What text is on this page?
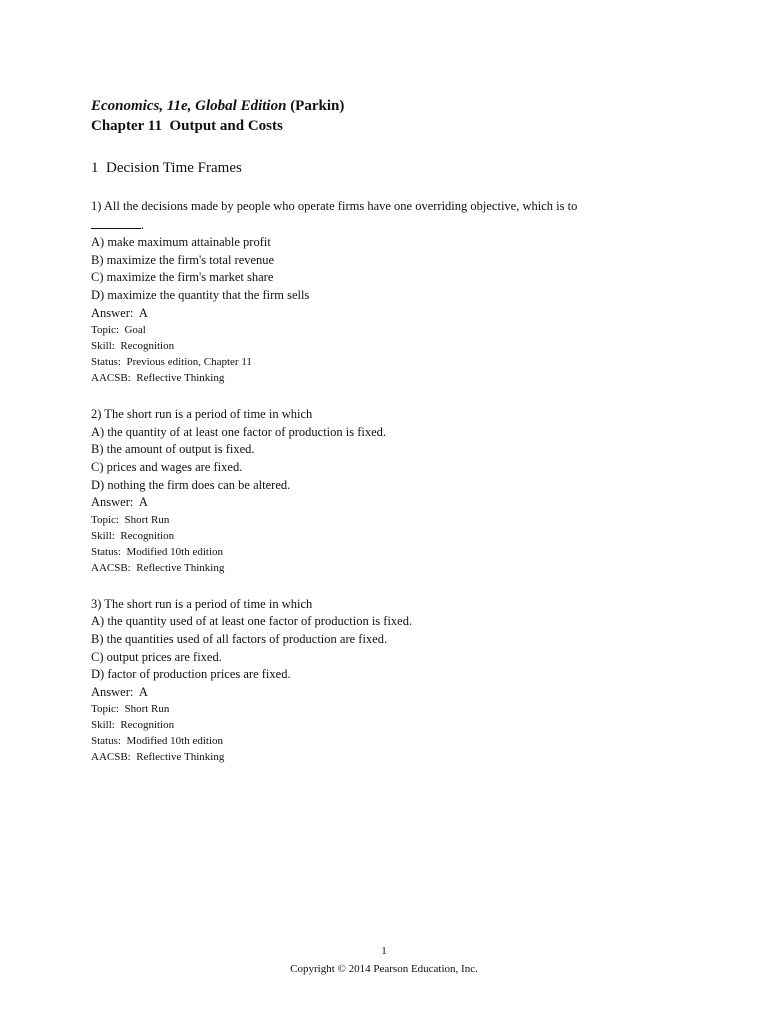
Economics, 11e, Global Edition (Parkin)
Chapter 11  Output and Costs
1  Decision Time Frames
1) All the decisions made by people who operate firms have one overriding objective, which is to
.
A) make maximum attainable profit
B) maximize the firm's total revenue
C) maximize the firm's market share
D) maximize the quantity that the firm sells
Answer:  A
Topic:  Goal
Skill:  Recognition
Status:  Previous edition, Chapter 11
AACSB:  Reflective Thinking
2) The short run is a period of time in which
A) the quantity of at least one factor of production is fixed.
B) the amount of output is fixed.
C) prices and wages are fixed.
D) nothing the firm does can be altered.
Answer:  A
Topic:  Short Run
Skill:  Recognition
Status:  Modified 10th edition
AACSB:  Reflective Thinking
3) The short run is a period of time in which
A) the quantity used of at least one factor of production is fixed.
B) the quantities used of all factors of production are fixed.
C) output prices are fixed.
D) factor of production prices are fixed.
Answer:  A
Topic:  Short Run
Skill:  Recognition
Status:  Modified 10th edition
AACSB:  Reflective Thinking
1
Copyright © 2014 Pearson Education, Inc.
